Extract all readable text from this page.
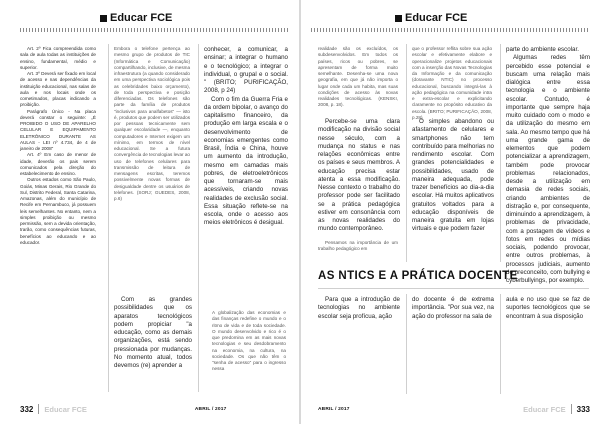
Educar FCE

Art. 2º Fica compreendida como sala de aula todas as instituições de ensino, fundamental, médio e superior.

Art. 3º Deverá ser fixado em local de acesso e nas dependências da instituição educacional, nas salas de aula e nos locais onde os cometimados, placas indicando a proibição.

Parágrafo Único - Na placa deverá constar o seguinte: „É PROIBIDO O USO DE APARELHO CELULAR E EQUIPAMENTO ELETRÔNICO DURANTE AS AULAS - LEI nº 4.734, de 4 de janeiro de 2008"

Art. 4º Em caso de menor de idade, deverão os pais serem comunicados pela direção do estabelecimento de ensino.

Outros estados como São Paulo, Goiás, Minas Gerais, Rio Grande do Sul, Distrito Federal, Santa Catarina, Amazonas, além do município de Recife em Pernambuco, já possuem leis semelhantes. No entanto, nem a simples proibição ou mesmo permissão, sem a devida orientação, trarão, como consequências futuras, benefícios ao educando e ao educador.

Embora o telefone pertença ao mesmo grupo de produtos de TIC (Informática e Comunicação) compartilhando, inclusive, de mesma infraestrutura (a quando considerado em uma perspectiva sociológica pois as celebridades baixo orçamento), de toda perspectiva e posição diferenciadas. Os telefones são parte da família de produtos "inclusivos para analfabetos" — isto é, produtos que podem ser utilizados por pessoas tecnicamente sem qualquer escolaridade —, enquanto computadores e Internet exigem um mínimo, em termos de nível educacional. Se a futura convergência de tecnologias levar ao uso de telefones celulares para transmissão de leitura de mensagens escritas, teremos possivelmente novas formas de desigualdade dentre os usuários de telefones. (SORJ; GUEDES, 2008, p.6)

Com as grandes possibilidades que os aparatos tecnológicos podem propiciar "a educação, como as demais organizações, está sendo pressionada por mudanças. No momento atual, todos devemos (re) aprender a

conhecer, a comunicar, a ensinar; a integrar o humano e o tecnológico; a integrar o individual, o grupal e o social. " (BRITO; PURIFICAÇÃO, 2008, p 24)

Com o fim da Guerra Fria e da ordem bipolar, o avanço do capitalismo financeiro, da produção em larga escala e o desenvolvimento de economias emergentes como Brasil, Índia e China, houve um aumento da introdução, mesmo em camadas mais pobres, de eletroeletrônicos que tornaram-se mais acessíveis, criando novas realidades de exclusão social. Essa situação reflete-se na escola, onde o acesso aos meios eletrônicos é desigual.

A globalização das economias e das finanças redefine o mundo e o ritmo de vida e de toda sociedade. O mundo desenvolvido e rico é o que predomina em as mais novas tecnologias e seu desdobramento na economia, na cultura, na sociedade. Os que não têm o "senha de acesso" para o ingresso nessa

332 Educar FCE	ABRIL / 2017
Educar FCE

realidade são os excluídos, os subdesenvolvidos. Em todos os países, ricos ou pobres, se apresentam de forma muito semelhante. Desenha-se uma nova geografia, em que já não importa o lugar onde cada um habita, mas suas condições de acesso às novas realidades tecnológicas. (KENSKI, 2008, p. 18).

Percebe-se uma clara modificação na divisão social nesse século, com a mudança no status e nas relações econômicas entre os países e seus membros. A educação precisa estar atenta a essa modificação. Nesse contexto o trabalho do professor pode ser facilitado se a prática pedagógica estiver em consonância com as novas realidades do mundo contemporâneo.

Pensamos na importância de um trabalho pedagógico em

que o professor reflita sobre sua ação escolar e efetivamente elabore e operacionalize projetos educacionais com a inserção das Novas Tecnologias da Informação e da comunicação (doravante NTIC) no processo educacional, buscando integrá-las à ação pedagógica na comunidade intra e extra-escolar e explicitando claramente no propósito educativo da escola. (BRITO; PURIFICAÇÃO, 2008, p.28)

O simples abandono ou afastamento de celulares e smartphones não tem contribuído para melhorias no rendimento escolar. Com grandes potencialidades e possibilidades, usado de maneira adequada, pode trazer benefícios ao dia-a-dia escolar. Há muitos aplicativos gratuitos voltados para a educação disponíveis de maneira gratuita em lojas virtuais e que podem fazer

parte do ambiente escolar.

Algumas redes têm percebido esse potencial e buscam uma relação mais dialógica entre essa tecnologia e o ambiente escolar. Contudo, é importante que sempre haja muito cuidado com o modo e da utilização do mesmo em sala. Ao mesmo tempo que há uma grande gama de elementos que podem potencializar a aprendizagem, também pode provocar problemas relacionados, desde a utilização em demasia de redes sociais, criando ambientes de distração e, por consequente, diminuindo a aprendizagem, à problemas de privacidade, com a postagem de vídeos e fotos em redes ou mídias sociais, podendo provocar, entre outros problemas, à processos judiciais, aumento do preconceito, com bullying e cyberbullyings, por exemplo.

AS NTICS E A PRÁTICA DOCENTE

Para que a introdução de tecnologias no ambiente escolar seja profícua, ação

do docente é de extrema importância. "Por sua vez, na ação do professor na sala de

aula e no uso que se faz de suportes tecnológicos que se encontram à sua disposição

ABRIL / 2017	Educar FCE 333
